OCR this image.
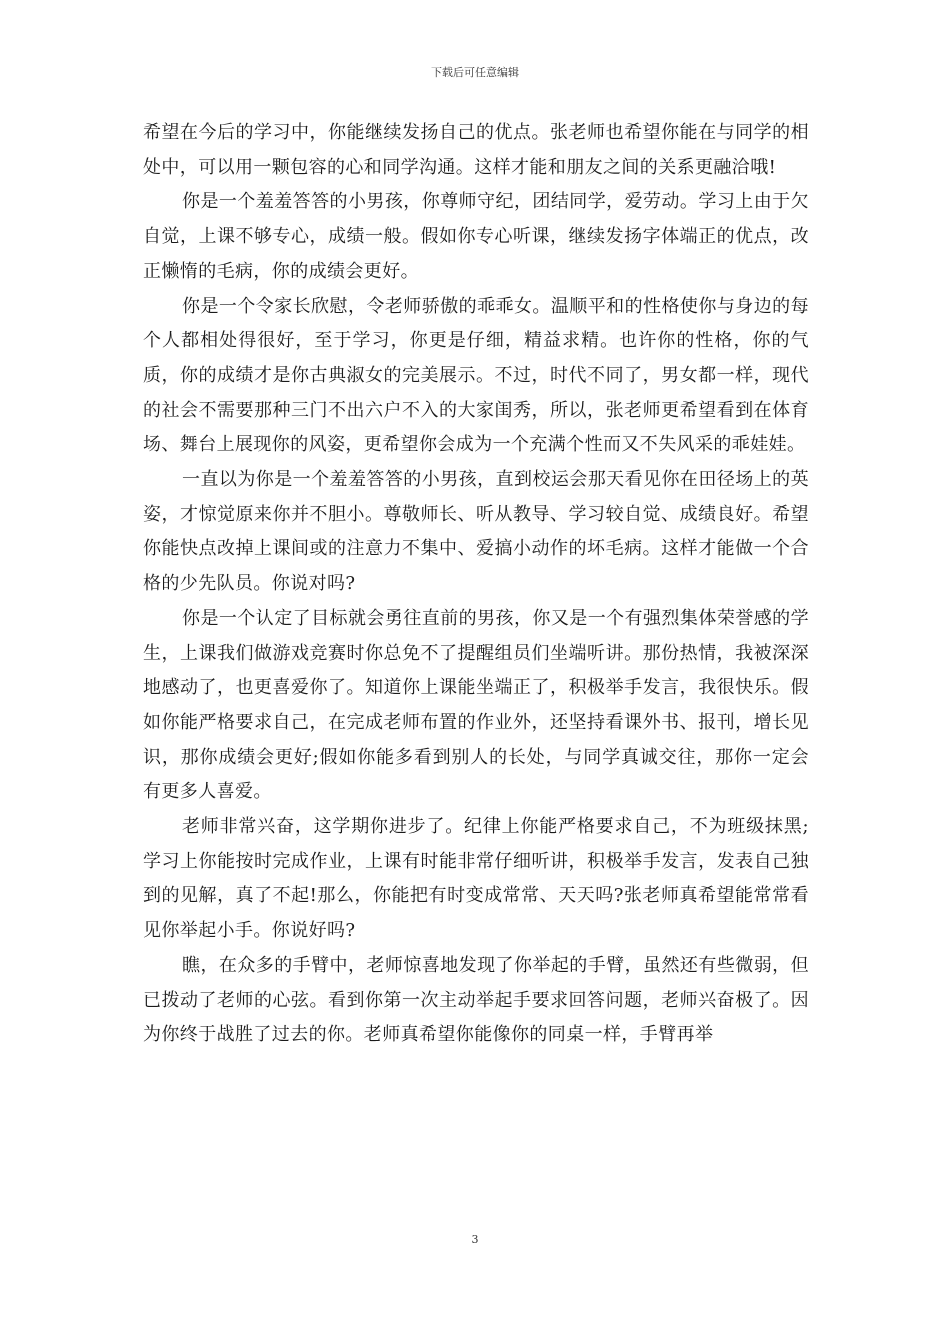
下载后可任意编辑

希望在今后的学习中，你能继续发扬自己的优点。张老师也希望你能在与同学的相处中，可以用一颗包容的心和同学沟通。这样才能和朋友之间的关系更融洽哦!

你是一个羞羞答答的小男孩，你尊师守纪，团结同学，爱劳动。学习上由于欠自觉，上课不够专心，成绩一般。假如你专心听课，继续发扬字体端正的优点，改正懒惰的毛病，你的成绩会更好。

你是一个令家长欣慰，令老师骄傲的乖乖女。温顺平和的性格使你与身边的每个人都相处得很好，至于学习，你更是仔细，精益求精。也许你的性格，你的气质，你的成绩才是你古典淑女的完美展示。不过，时代不同了，男女都一样，现代的社会不需要那种三门不出六户不入的大家闺秀，所以，张老师更希望看到在体育场、舞台上展现你的风姿，更希望你会成为一个充满个性而又不失风采的乖娃娃。

一直以为你是一个羞羞答答的小男孩，直到校运会那天看见你在田径场上的英姿，才惊觉原来你并不胆小。尊敬师长、听从教导、学习较自觉、成绩良好。希望你能快点改掉上课间或的注意力不集中、爱搞小动作的坏毛病。这样才能做一个合格的少先队员。你说对吗?

你是一个认定了目标就会勇往直前的男孩，你又是一个有强烈集体荣誉感的学生，上课我们做游戏竞赛时你总免不了提醒组员们坐端听讲。那份热情，我被深深地感动了，也更喜爱你了。知道你上课能坐端正了，积极举手发言，我很快乐。假如你能严格要求自己，在完成老师布置的作业外，还坚持看课外书、报刊，增长见识，那你成绩会更好;假如你能多看到别人的长处，与同学真诚交往，那你一定会有更多人喜爱。

老师非常兴奋，这学期你进步了。纪律上你能严格要求自己，不为班级抹黑;学习上你能按时完成作业，上课有时能非常仔细听讲，积极举手发言，发表自己独到的见解，真了不起!那么，你能把有时变成常常、天天吗?张老师真希望能常常看见你举起小手。你说好吗?

瞧，在众多的手臂中，老师惊喜地发现了你举起的手臂，虽然还有些微弱，但已拨动了老师的心弦。看到你第一次主动举起手要求回答问题，老师兴奋极了。因为你终于战胜了过去的你。老师真希望你能像你的同桌一样，手臂再举

3
